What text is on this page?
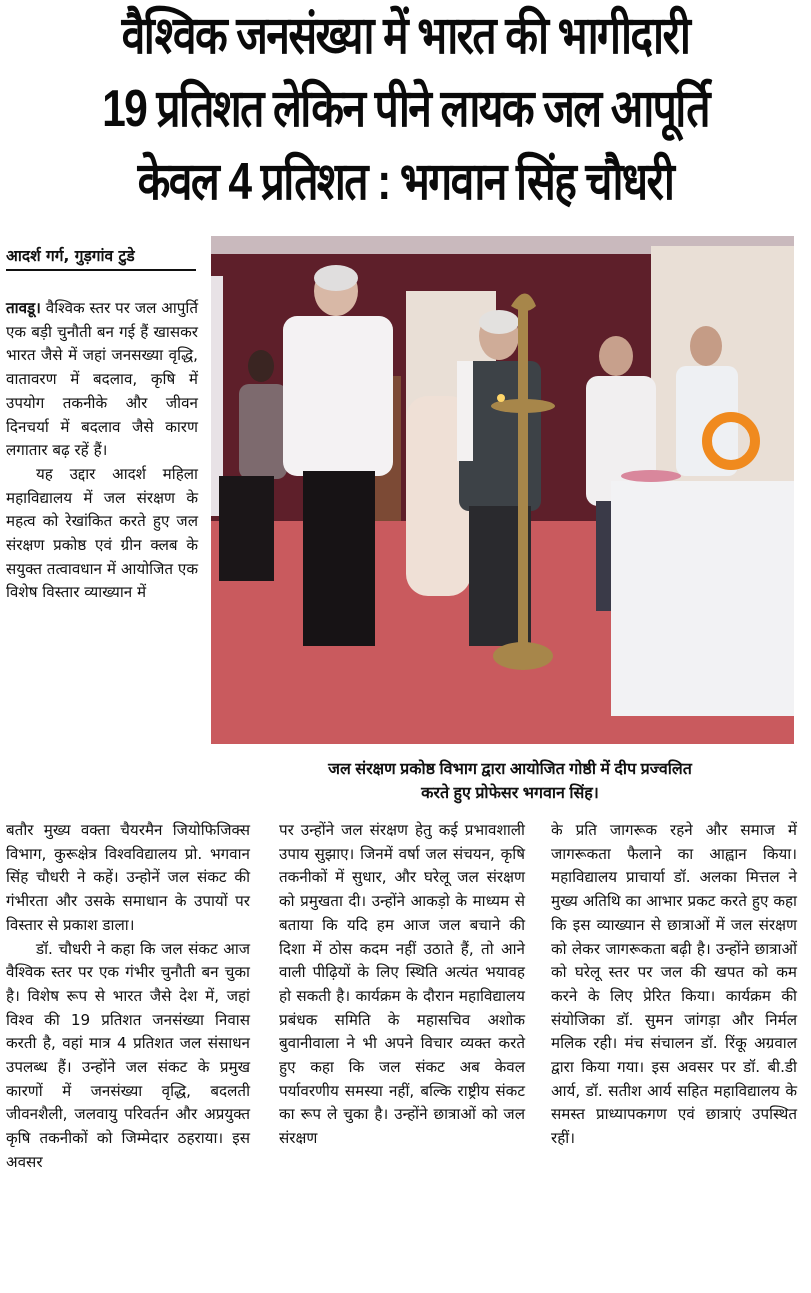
वैश्विक जनसंख्या में भारत की भागीदारी
19 प्रतिशत लेकिन पीने लायक जल आपूर्ति
केवल 4 प्रतिशत : भगवान सिंह चौधरी
आदर्श गर्ग, गुड़गांव टुडे

तावडू। वैश्विक स्तर पर जल आपुर्ति एक बड़ी चुनौती बन गई हैं खासकर भारत जैसे में जहां जनसख्या वृद्धि, वातावरण में बदलाव, कृषि में उपयोग तकनीके और जीवन दिनचर्या में बदलाव जैसे कारण लगातार बढ़ रहें हैं।

यह उद्दार आदर्श महिला महाविद्यालय में जल संरक्षण के महत्व को रेखांकित करते हुए जल संरक्षण प्रकोष्ठ एवं ग्रीन क्लब के सयुक्त तत्वावधान में आयोजित एक विशेष विस्तार व्याख्यान में

बतौर मुख्य वक्ता चैयरमैन जियोफिजिक्स विभाग, कुरूक्षेत्र विश्वविद्यालय प्रो. भगवान सिंह चौधरी ने कहें। उन्होनें जल संकट की गंभीरता और उसके समाधान के उपायों पर विस्तार से प्रकाश डाला।

डॉ. चौधरी ने कहा कि जल संकट आज वैश्विक स्तर पर एक गंभीर चुनौती बन चुका है। विशेष रूप से भारत जैसे देश में, जहां विश्व की 19 प्रतिशत जनसंख्या निवास करती है, वहां मात्र 4 प्रतिशत जल संसाधन उपलब्ध हैं। उन्होंने जल संकट के प्रमुख कारणों में जनसंख्या वृद्धि, बदलती जीवनशैली, जलवायु परिवर्तन और अप्रयुक्त कृषि तकनीकों को जिम्मेदार ठहराया। इस अवसर

पर उन्होंने जल संरक्षण हेतु कई प्रभावशाली उपाय सुझाए। जिनमें वर्षा जल संचयन, कृषि तकनीकों में सुधार, और घरेलू जल संरक्षण को प्रमुखता दी। उन्होंने आकड़ो के माध्यम से बताया कि यदि हम आज जल बचाने की दिशा में ठोस कदम नहीं उठाते हैं, तो आने वाली पीढ़ियों के लिए स्थिति अत्यंत भयावह हो सकती है। कार्यक्रम के दौरान महाविद्यालय प्रबंधक समिति के महासचिव अशोक बुवानीवाला ने भी अपने विचार व्यक्त करते हुए कहा कि जल संकट अब केवल पर्यावरणीय समस्या नहीं, बल्कि राष्ट्रीय संकट का रूप ले चुका है। उन्होंने छात्राओं को जल संरक्षण

के प्रति जागरूक रहने और समाज में जागरूकता फैलाने का आह्वान किया। महाविद्यालय प्राचार्या डॉ. अलका मित्तल ने मुख्य अतिथि का आभार प्रकट करते हुए कहा कि इस व्याख्यान से छात्राओं में जल संरक्षण को लेकर जागरूकता बढ़ी है। उन्होंने छात्राओं को घरेलू स्तर पर जल की खपत को कम करने के लिए प्रेरित किया। कार्यक्रम की संयोजिका डॉ. सुमन जांगड़ा और निर्मल मलिक रही। मंच संचालन डॉ. रिंकू अग्रवाल द्वारा किया गया। इस अवसर पर डॉ. बी.डी आर्य, डॉ. सतीश आर्य सहित महाविद्यालय के समस्त प्राध्यापकगण एवं छात्राएं उपस्थित रहीं।

जल संरक्षण प्रकोष्ठ विभाग द्वारा आयोजित गोष्ठी में दीप प्रज्वलित
करते हुए प्रोफेसर भगवान सिंह।
